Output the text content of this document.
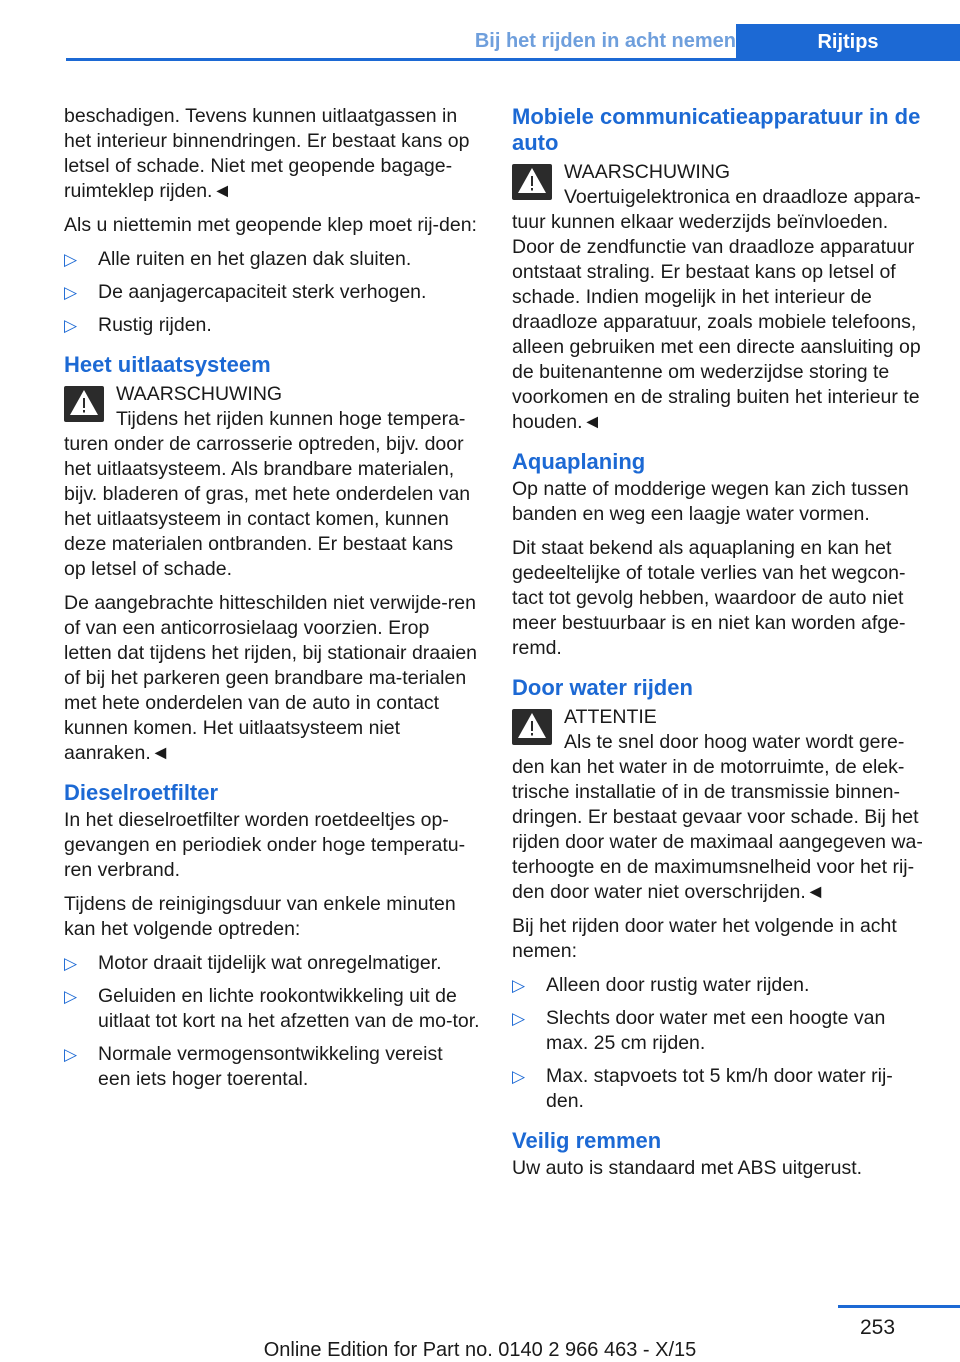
Bij het rijden in acht nemen	Rijtips

beschadigen. Tevens kunnen uitlaatgassen in het interieur binnendringen. Er bestaat kans op letsel of schade. Niet met geopende bagage-ruimteklep rijden.◄

Als u niettemin met geopende klep moet rij-den:

▷ Alle ruiten en het glazen dak sluiten.
▷ De aanjagercapaciteit sterk verhogen.
▷ Rustig rijden.
Heet uitlaatsysteem
WAARSCHUWING
Tijdens het rijden kunnen hoge tempera-turen onder de carrosserie optreden, bijv. door het uitlaatsysteem. Als brandbare materialen, bijv. bladeren of gras, met hete onderdelen van het uitlaatsysteem in contact komen, kunnen deze materialen ontbranden. Er bestaat kans op letsel of schade.

De aangebrachte hitteschilden niet verwijde-ren of van een anticorrosielaag voorzien. Erop letten dat tijdens het rijden, bij stationair draaien of bij het parkeren geen brandbare ma-terialen met hete onderdelen van de auto in contact kunnen komen. Het uitlaatsysteem niet aanraken.◄

Dieselroetfilter

In het dieselroetfilter worden roetdeeltjes op-gevangen en periodiek onder hoge temperatu-ren verbrand.

Tijdens de reinigingsduur van enkele minuten kan het volgende optreden:

▷ Motor draait tijdelijk wat onregelmatiger.
▷ Geluiden en lichte rookontwikkeling uit de uitlaat tot kort na het afzetten van de mo-tor.
▷ Normale vermogensontwikkeling vereist een iets hoger toerental.
Mobiele communicatieapparatuur in de auto
WAARSCHUWING
Voertuigelektronica en draadloze appara-tuur kunnen elkaar wederzijds beïnvloeden. Door de zendfunctie van draadloze apparatuur ontstaat straling. Er bestaat kans op letsel of schade. Indien mogelijk in het interieur de draadloze apparatuur, zoals mobiele telefoons, alleen gebruiken met een directe aansluiting op de buitenantenne om wederzijdse storing te voorkomen en de straling buiten het interieur te houden.◄
Aquaplaning

Op natte of modderige wegen kan zich tussen banden en weg een laagje water vormen.

Dit staat bekend als aquaplaning en kan het gedeeltelijke of totale verlies van het wegcon-tact tot gevolg hebben, waardoor de auto niet meer bestuurbaar is en niet kan worden afge-remd.

Door water rijden
ATTENTIE
Als te snel door hoog water wordt gere-den kan het water in de motorruimte, de elek-trische installatie of in de transmissie binnen-dringen. Er bestaat gevaar voor schade. Bij het rijden door water de maximaal aangegeven wa-terhoogte en de maximumsnelheid voor het rij-den door water niet overschrijden.◄

Bij het rijden door water het volgende in acht nemen:

▷ Alleen door rustig water rijden.
▷ Slechts door water met een hoogte van max. 25 cm rijden.
▷ Max. stapvoets tot 5 km/h door water rij-den.
Veilig remmen

Uw auto is standaard met ABS uitgerust.

253
Online Edition for Part no. 0140 2 966 463 - X/15
